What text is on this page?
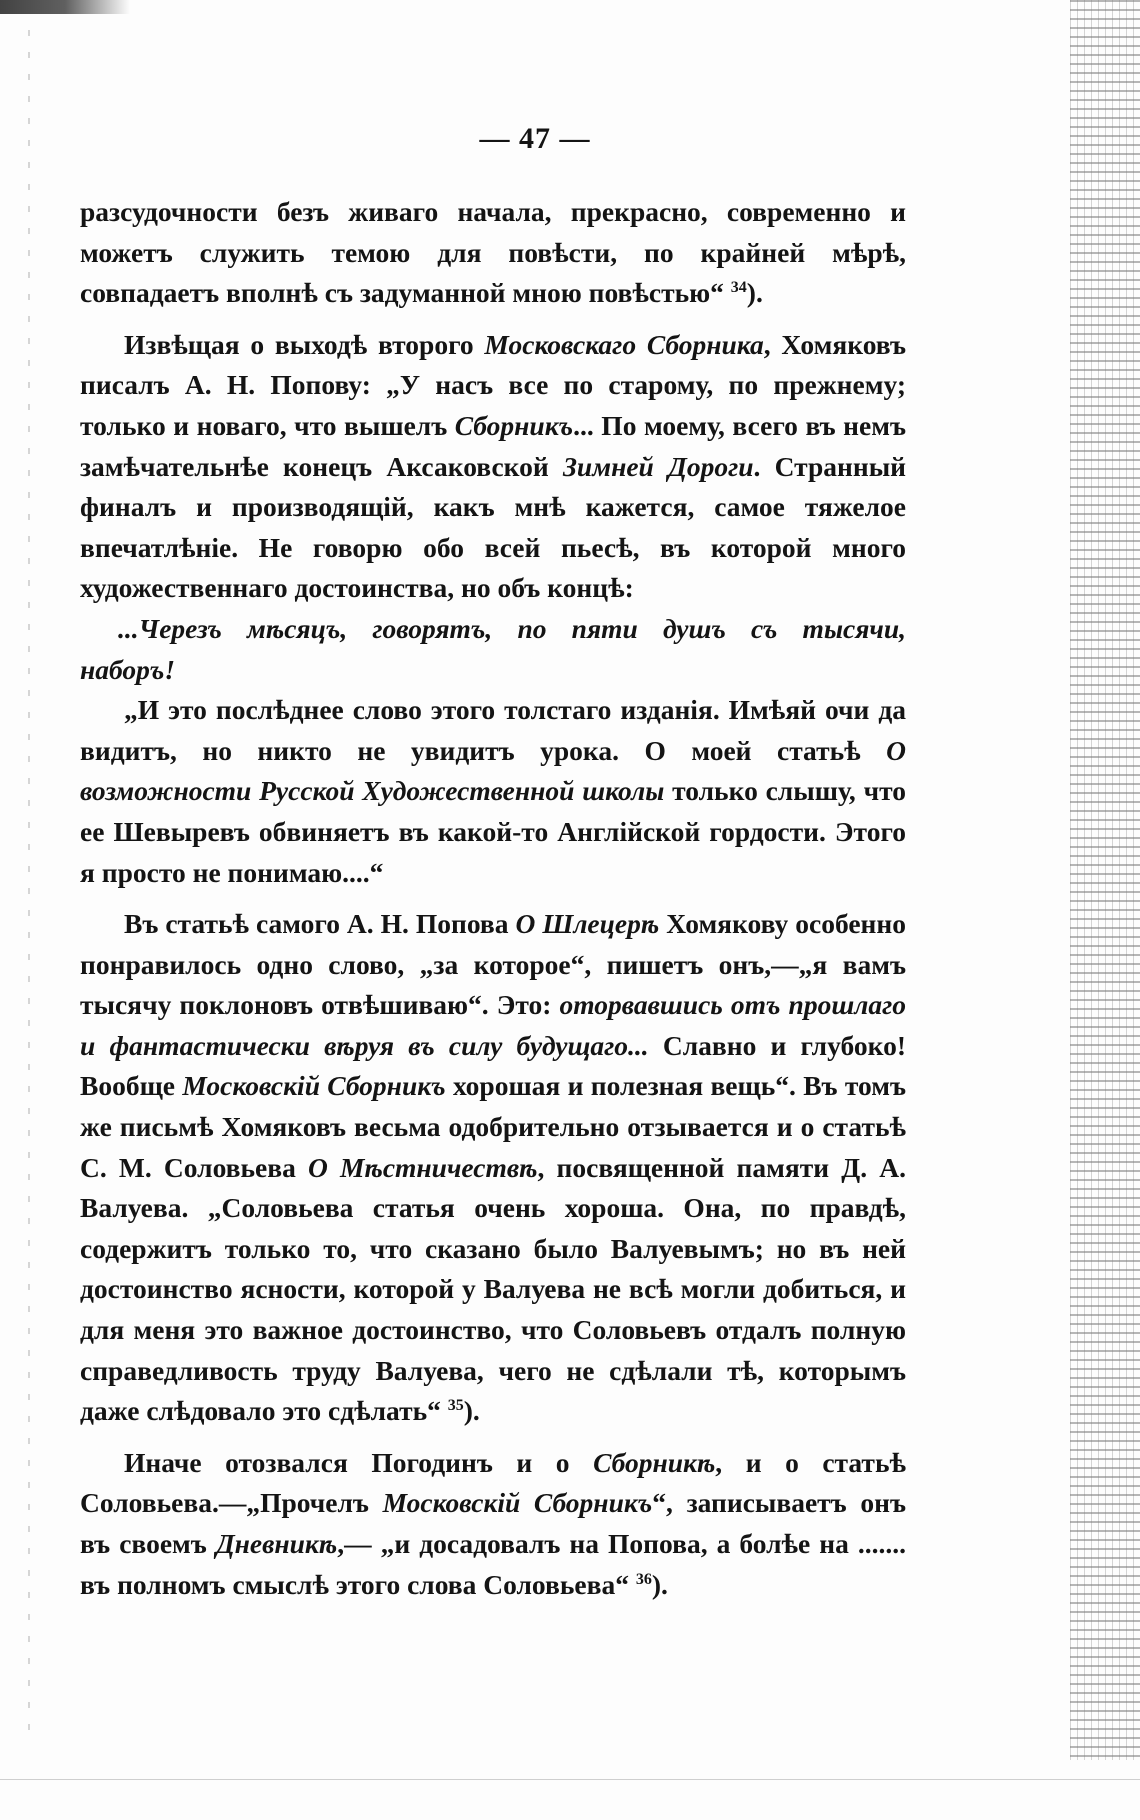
— 47 —

разсудочности безъ живаго начала, прекрасно, современно и можетъ служить темою для повѣсти, по крайней мѣрѣ, совпадаетъ вполнѣ съ задуманной мною повѣстью“ $^{34}$).

Извѣщая о выходѣ второго Московскаго Сборника, Хомяковъ писалъ А. Н. Попову: „У насъ все по старому, по прежнему; только и новаго, что вышелъ Сборникъ... По моему, всего въ немъ замѣчательнѣе конецъ Аксаковской Зимней Дороги. Странный финалъ и производящій, какъ мнѣ кажется, самое тяжелое впечатлѣніе. Не говорю обо всей пьесѣ, въ которой много художественнаго достоинства, но объ концѣ:

...Черезъ мѣсяцъ, говорятъ, по пяти душъ съ тысячи,
наборъ!

„И это послѣднее слово этого толстаго изданія. Имѣяй очи да видитъ, но никто не увидитъ урока. О моей статьѣ О возможности Русской Художественной школы только слышу, что ее Шевыревъ обвиняетъ въ какой-то Англійской гордости. Этого я просто не понимаю....“

Въ статьѣ самого А. Н. Попова О Шлецерѣ Хомякову особенно понравилось одно слово, „за которое“, пишетъ онъ,—„я вамъ тысячу поклоновъ отвѣшиваю“. Это: оторвавшись отъ прошлаго и фантастически вѣруя въ силу будущаго... Славно и глубоко! Вообще Московскій Сборникъ хорошая и полезная вещь“. Въ томъ же письмѣ Хомяковъ весьма одобрительно отзывается и о статьѣ С. М. Соловьева О Мѣстничествѣ, посвященной памяти Д. А. Валуева. „Соловьева статья очень хороша. Она, по правдѣ, содержитъ только то, что сказано было Валуевымъ; но въ ней достоинство ясности, которой у Валуева не всѣ могли добиться, и для меня это важное достоинство, что Соловьевъ отдалъ полную справедливость труду Валуева, чего не сдѣлали тѣ, которымъ даже слѣдовало это сдѣлать“ $^{35}$).

Иначе отозвался Погодинъ и о Сборникѣ, и о статьѣ Соловьева.—„Прочелъ Московскій Сборникъ“, записываетъ онъ въ своемъ Дневникѣ,— „и досадовалъ на Попова, а болѣе на ....... въ полномъ смыслѣ этого слова Соловьева“ $^{36}$).
